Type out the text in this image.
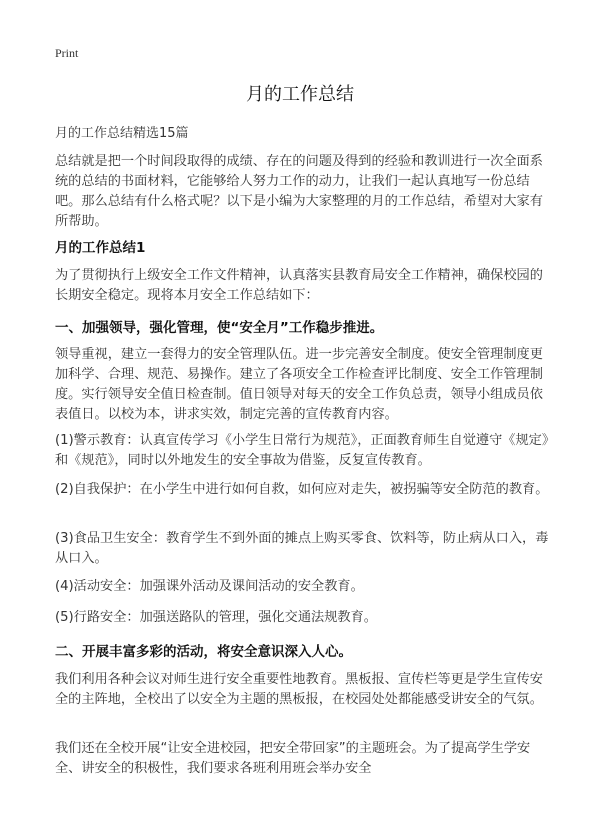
Print
月的工作总结
月的工作总结精选15篇

总结就是把一个时间段取得的成绩、存在的问题及得到的经验和教训进行一次全面系统的总结的书面材料，它能够给人努力工作的动力，让我们一起认真地写一份总结吧。那么总结有什么格式呢？以下是小编为大家整理的月的工作总结，希望对大家有所帮助。

月的工作总结1

为了贯彻执行上级安全工作文件精神，认真落实县教育局安全工作精神，确保校园的长期安全稳定。现将本月安全工作总结如下：

一、加强领导，强化管理，使“安全月”工作稳步推进。

领导重视，建立一套得力的安全管理队伍。进一步完善安全制度。使安全管理制度更加科学、合理、规范、易操作。建立了各项安全工作检查评比制度、安全工作管理制度。实行领导安全值日检查制。值日领导对每天的安全工作负总责，领导小组成员依表值日。以校为本，讲求实效，制定完善的宣传教育内容。

(1)警示教育：认真宣传学习《小学生日常行为规范》，正面教育师生自觉遵守《规定》和《规范》，同时以外地发生的安全事故为借鉴，反复宣传教育。

(2)自我保护：在小学生中进行如何自救，如何应对走失，被拐骗等安全防范的教育。

(3)食品卫生安全：教育学生不到外面的摊点上购买零食、饮料等，防止病从口入，毒从口入。

(4)活动安全：加强课外活动及课间活动的安全教育。

(5)行路安全：加强送路队的管理，强化交通法规教育。

二、开展丰富多彩的活动，将安全意识深入人心。

我们利用各种会议对师生进行安全重要性地教育。黑板报、宣传栏等更是学生宣传安全的主阵地，全校出了以安全为主题的黑板报，在校园处处都能感受讲安全的气氛。

我们还在全校开展“让安全进校园，把安全带回家”的主题班会。为了提高学生学安全、讲安全的积极性，我们要求各班利用班会举办安全
